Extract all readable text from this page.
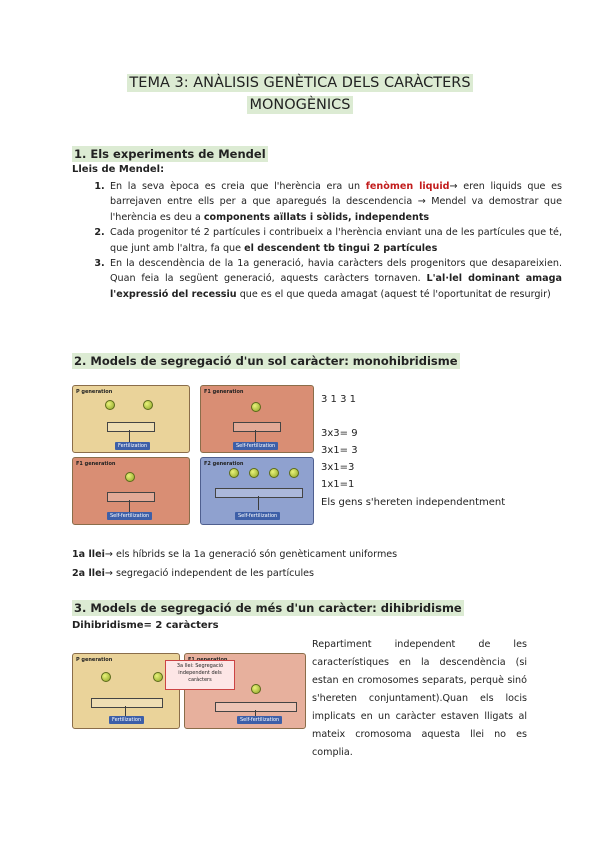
TEMA 3: ANÀLISIS GENÈTICA DELS CARÀCTERS
MONOGÈNICS
1. Els experiments de Mendel
Lleis de Mendel:
1. En la seva època es creia que l'herència era un fenòmen liquid→ eren liquids que es barrejaven entre ells per a que aparegués la descendencia → Mendel va demostrar que l'herència es deu a components aïllats i sòlids, independents
2. Cada progenitor té 2 partícules i contribueix a l'herència enviant una de les partícules que té, que junt amb l'altra, fa que el descendent tb tingui 2 partícules
3. En la descendència de la 1a generació, havia caràcters dels progenitors que desapareixien. Quan feia la següent generació, aquests caràcters tornaven. L'al·lel dominant amaga l'expressió del recessiu que es el que queda amagat (aquest té l'oportunitat de resurgir)
2. Models de segregació d'un sol caràcter: monohibridisme
P generation
Fertilization
F1 generation
Self-fertilization
F1 generation
Self-fertilization
F2 generation
Self-fertilization
3 1 3 1
3x3= 9
3x1= 3
3x1=3
1x1=1
Els gens s'hereten independentment
1a llei→ els híbrids se la 1a generació són genèticament uniformes
2a llei→ segregació independent de les partícules
3. Models de segregació de més d'un caràcter: dihibridisme
Dihibridisme= 2 caràcters
P generation
Fertilization	Self-fertilization
3a llei: Segregació independent dels caràcters
Repartiment independent de les característiques en la descendència (si estan en cromosomes separats, perquè sinó s'hereten conjuntament).Quan els locis implicats en un caràcter estaven lligats al mateix cromosoma aquesta llei no es complia.
